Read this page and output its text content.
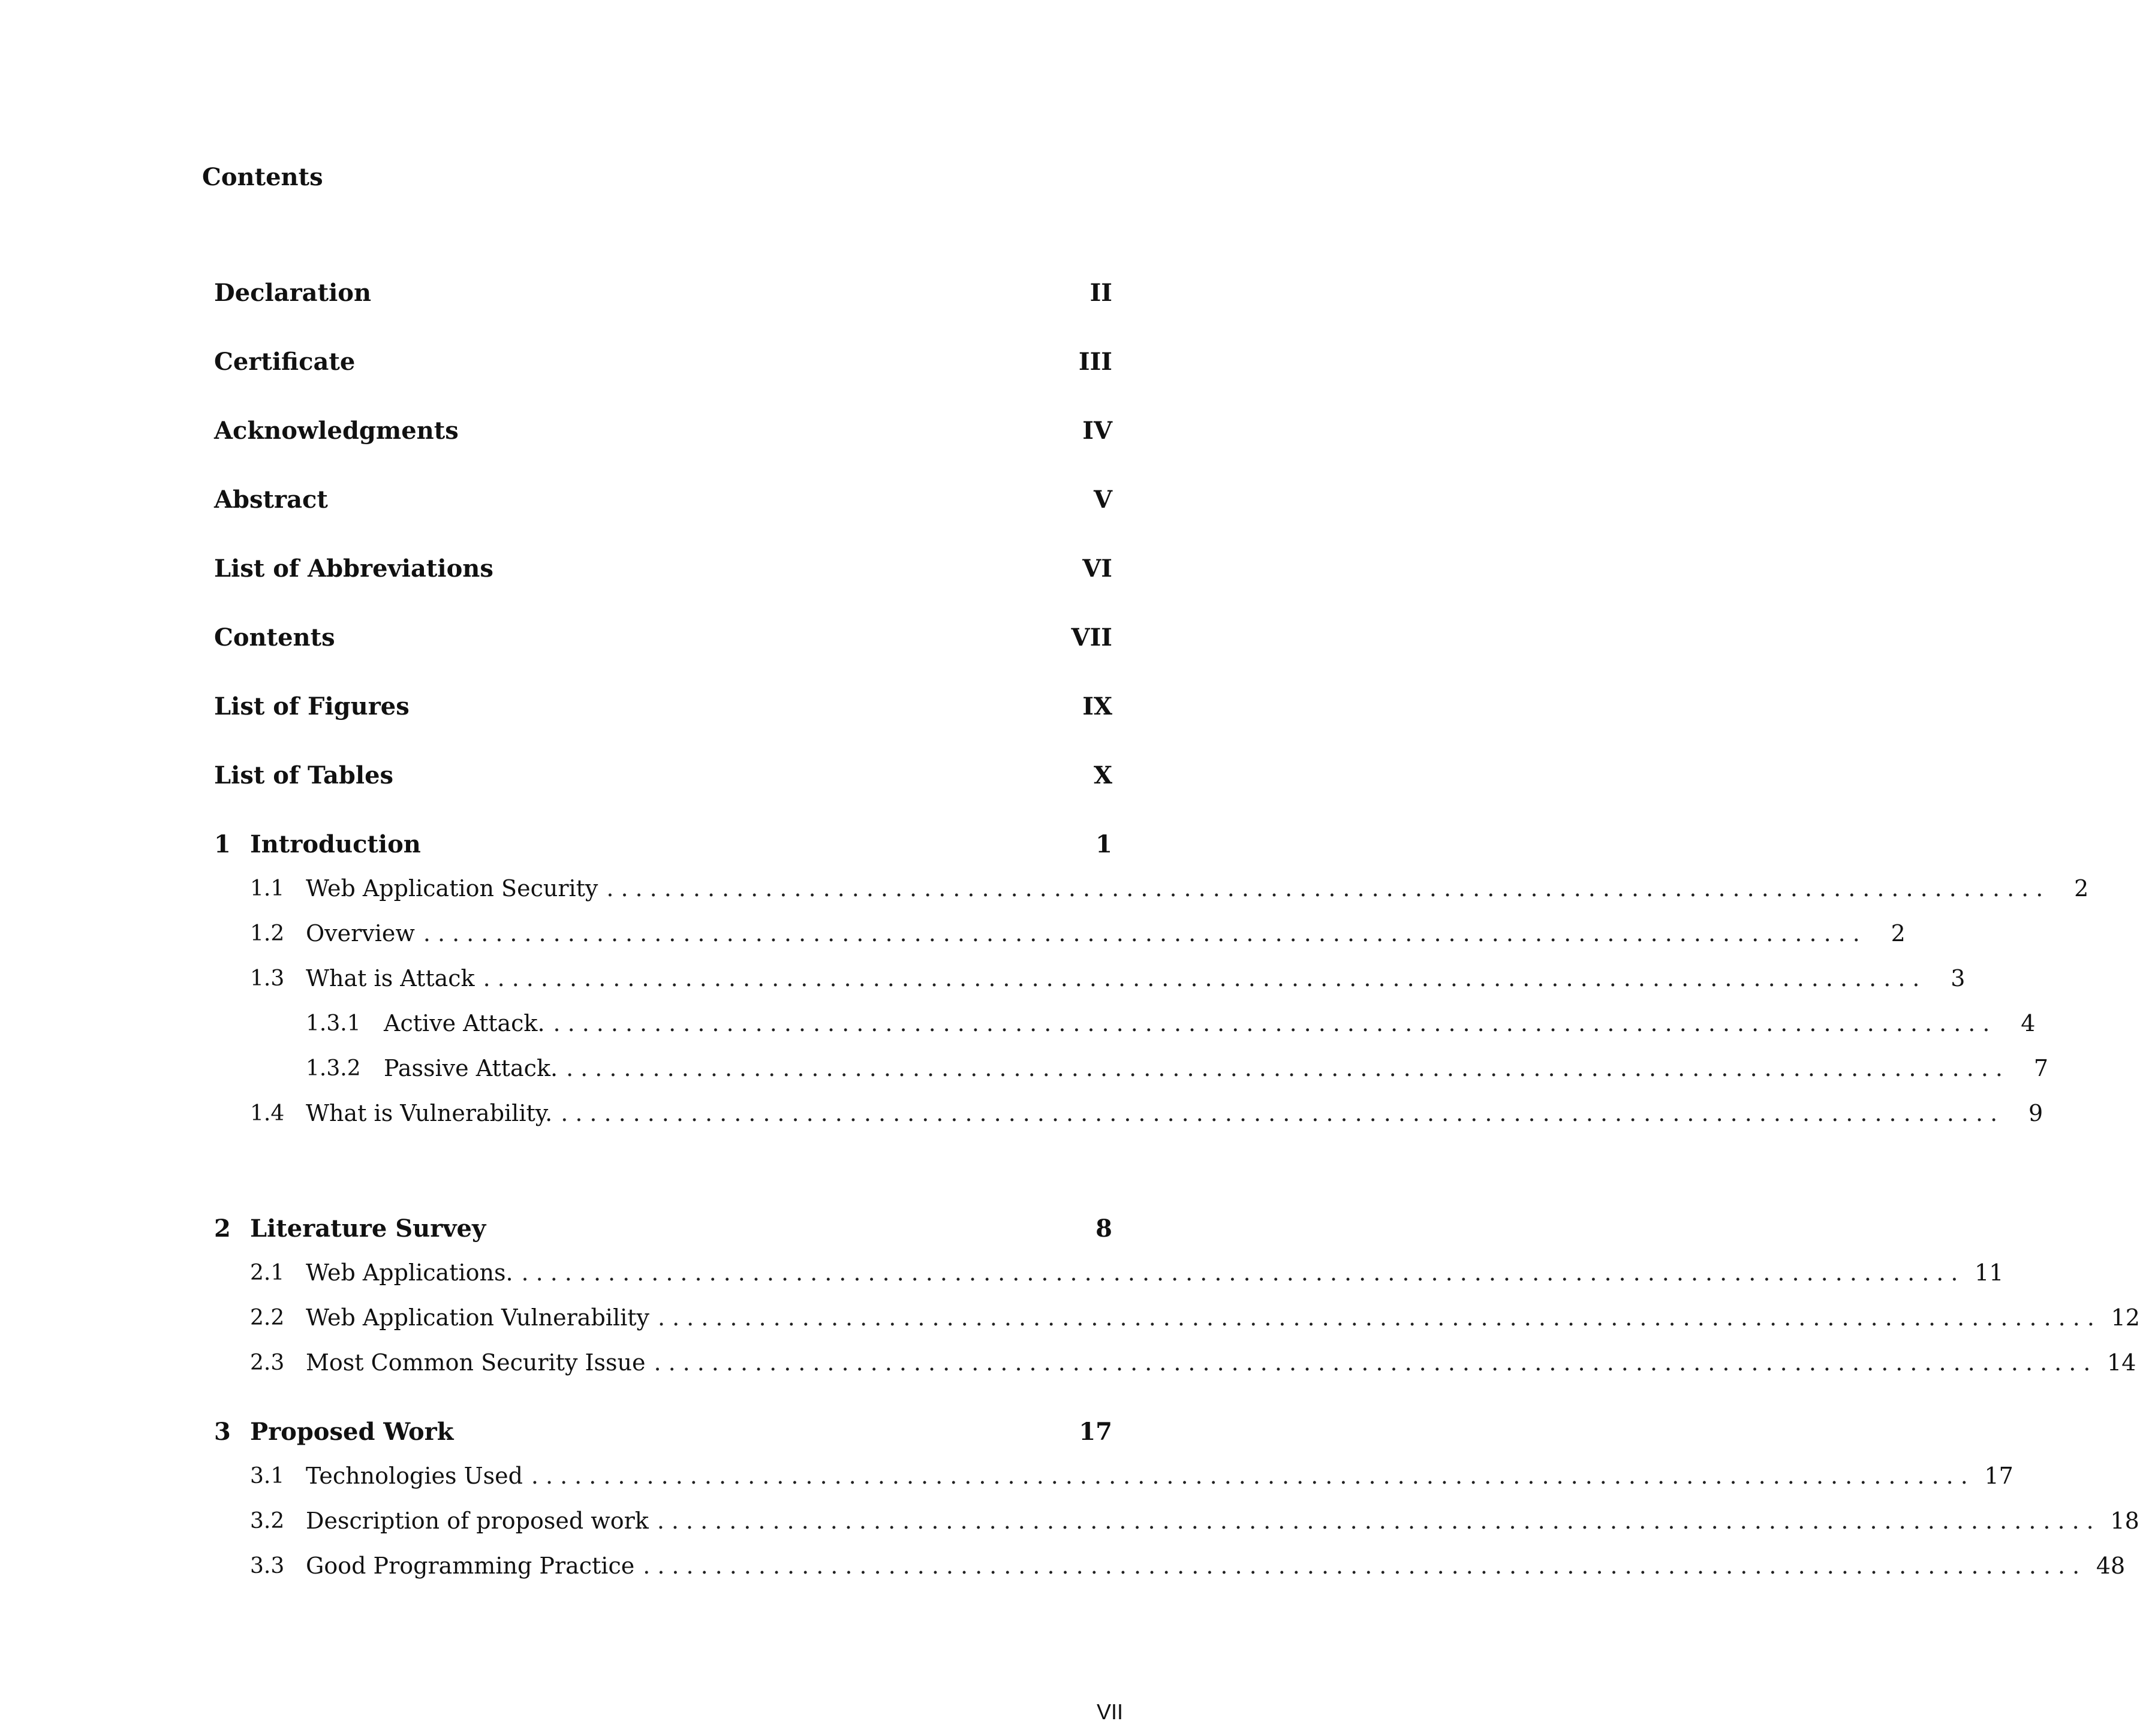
Contents
Declaration	II
Certificate	III
Acknowledgments	IV
Abstract	V
List of Abbreviations	VI
Contents	VII
List of Figures	IX
List of Tables	X
1 Introduction	1
1.1 Web Application Security ....................................................................................................	2
1.2 Overview ....................................................................................................	2
1.3 What is Attack ....................................................................................................	3
1.3.1	Active Attack. ....................................................................................................	4
1.3.2	Passive Attack. ....................................................................................................	7
1.4 What is Vulnerability. ....................................................................................................	9
2 Literature Survey	8
2.1 Web Applications. .................................................................................................... 11
2.2 Web Application Vulnerability .................................................................................................... 12
2.3 Most Common Security Issue .................................................................................................... 14
3 Proposed Work	17
3.1 Technologies Used .................................................................................................... 17
3.2 Description of proposed work .................................................................................................... 18
3.3 Good Programming Practice .................................................................................................... 48
VII
